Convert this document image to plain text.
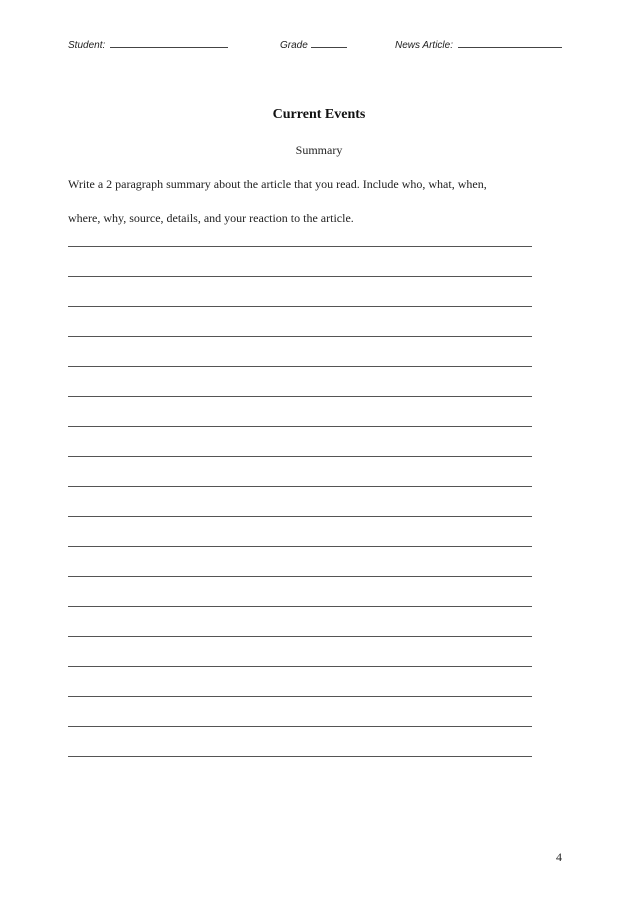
Student:	Grade	News Article:
Current Events
Summary
Write a 2 paragraph summary about the article that you read. Include who, what, when,
where, why, source, details, and your reaction to the article.
4
